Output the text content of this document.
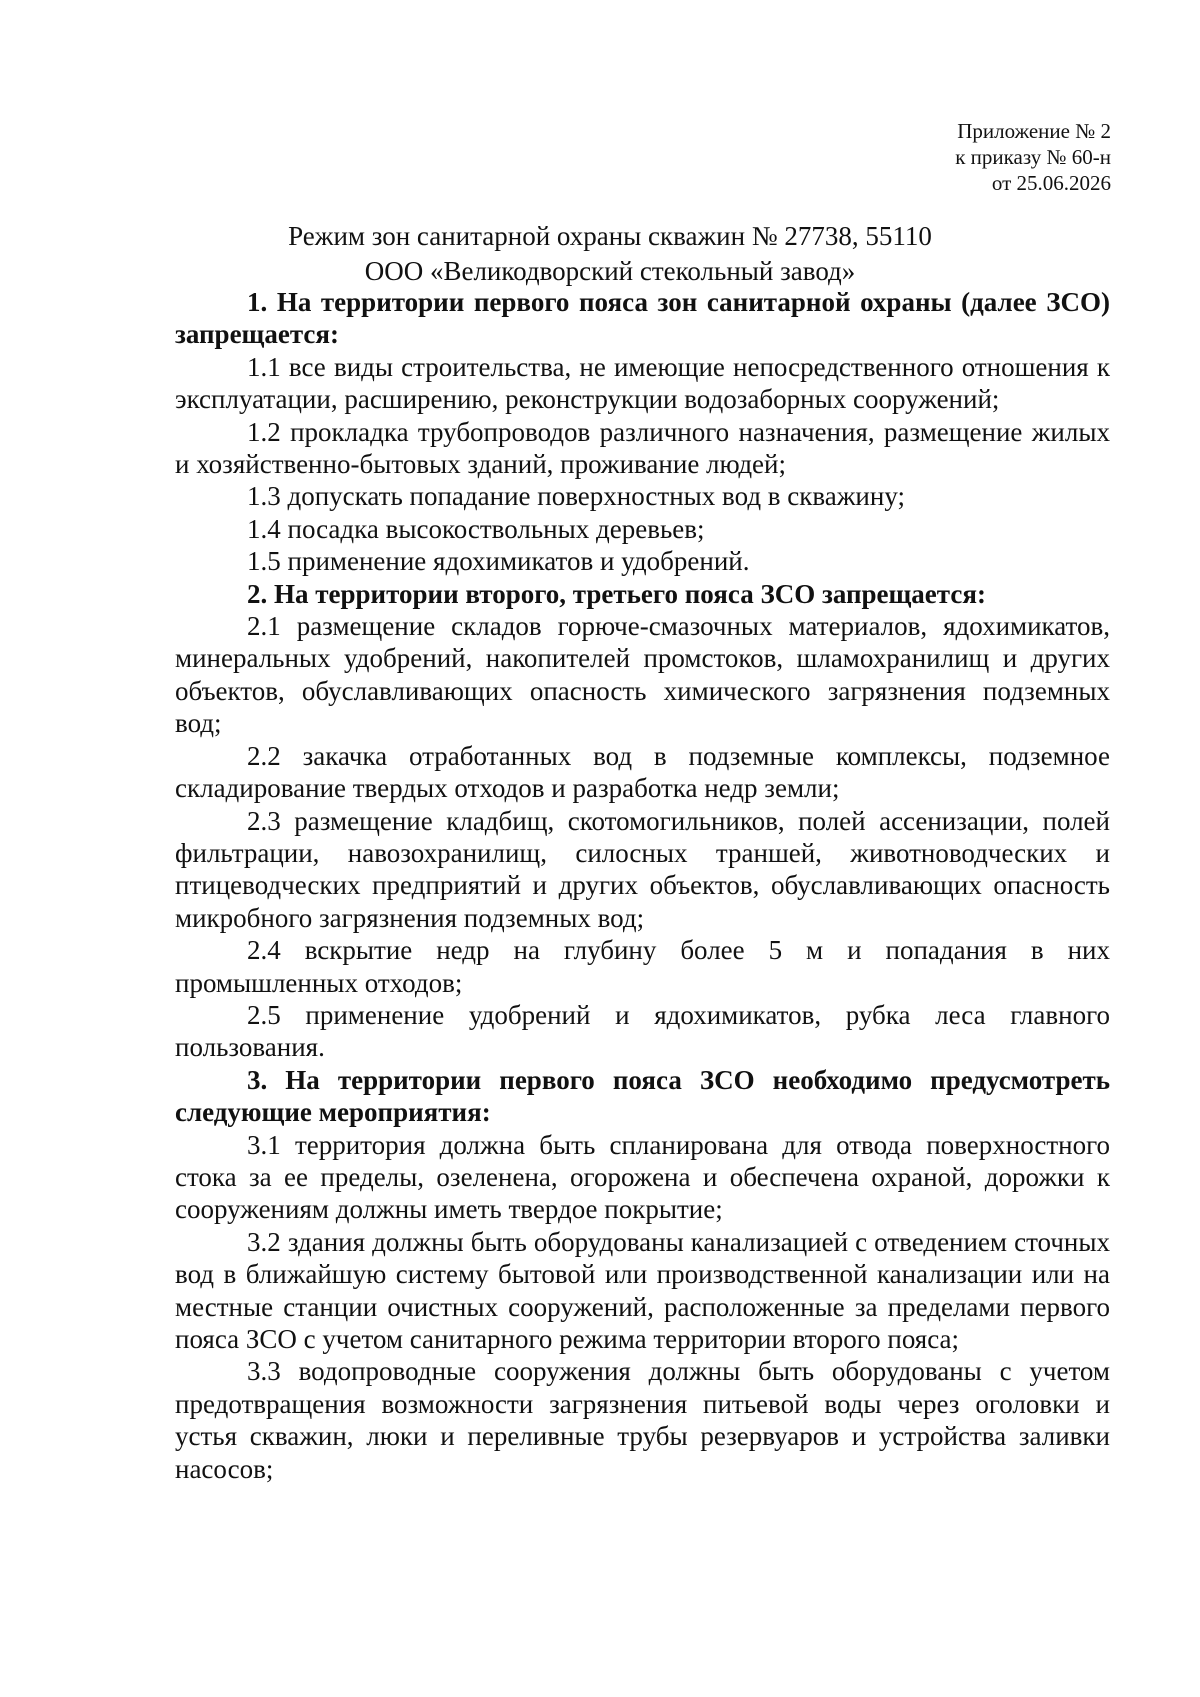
Приложение № 2
к приказу № 60-н
от 25.06.2026
Режим зон санитарной охраны скважин № 27738, 55110
ООО «Великодворский стекольный завод»

1. На территории первого пояса зон санитарной охраны (далее ЗСО) запрещается:

1.1 все виды строительства, не имеющие непосредственного отношения к эксплуатации, расширению, реконструкции водозаборных сооружений;

1.2 прокладка трубопроводов различного назначения, размещение жилых и хозяйственно-бытовых зданий, проживание людей;

1.3 допускать попадание поверхностных вод в скважину;

1.4 посадка высокоствольных деревьев;

1.5 применение ядохимикатов и удобрений.

2. На территории второго, третьего пояса ЗСО запрещается:

2.1 размещение складов горюче-смазочных материалов, ядохимикатов, минеральных удобрений, накопителей промстоков, шламохранилищ и других объектов, обуславливающих опасность химического загрязнения подземных вод;

2.2 закачка отработанных вод в подземные комплексы, подземное складирование твердых отходов и разработка недр земли;

2.3 размещение кладбищ, скотомогильников, полей ассенизации, полей фильтрации, навозохранилищ, силосных траншей, животноводческих и птицеводческих предприятий и других объектов, обуславливающих опасность микробного загрязнения подземных вод;

2.4 вскрытие недр на глубину более 5 м и попадания в них промышленных отходов;

2.5 применение удобрений и ядохимикатов, рубка леса главного пользования.

3. На территории первого пояса ЗСО необходимо предусмотреть следующие мероприятия:

3.1 территория должна быть спланирована для отвода поверхностного стока за ее пределы, озеленена, огорожена и обеспечена охраной, дорожки к сооружениям должны иметь твердое покрытие;

3.2 здания должны быть оборудованы канализацией с отведением сточных вод в ближайшую систему бытовой или производственной канализации или на местные станции очистных сооружений, расположенные за пределами первого пояса ЗСО с учетом санитарного режима территории второго пояса;

3.3 водопроводные сооружения должны быть оборудованы с учетом предотвращения возможности загрязнения питьевой воды через оголовки и устья скважин, люки и переливные трубы резервуаров и устройства заливки насосов;
